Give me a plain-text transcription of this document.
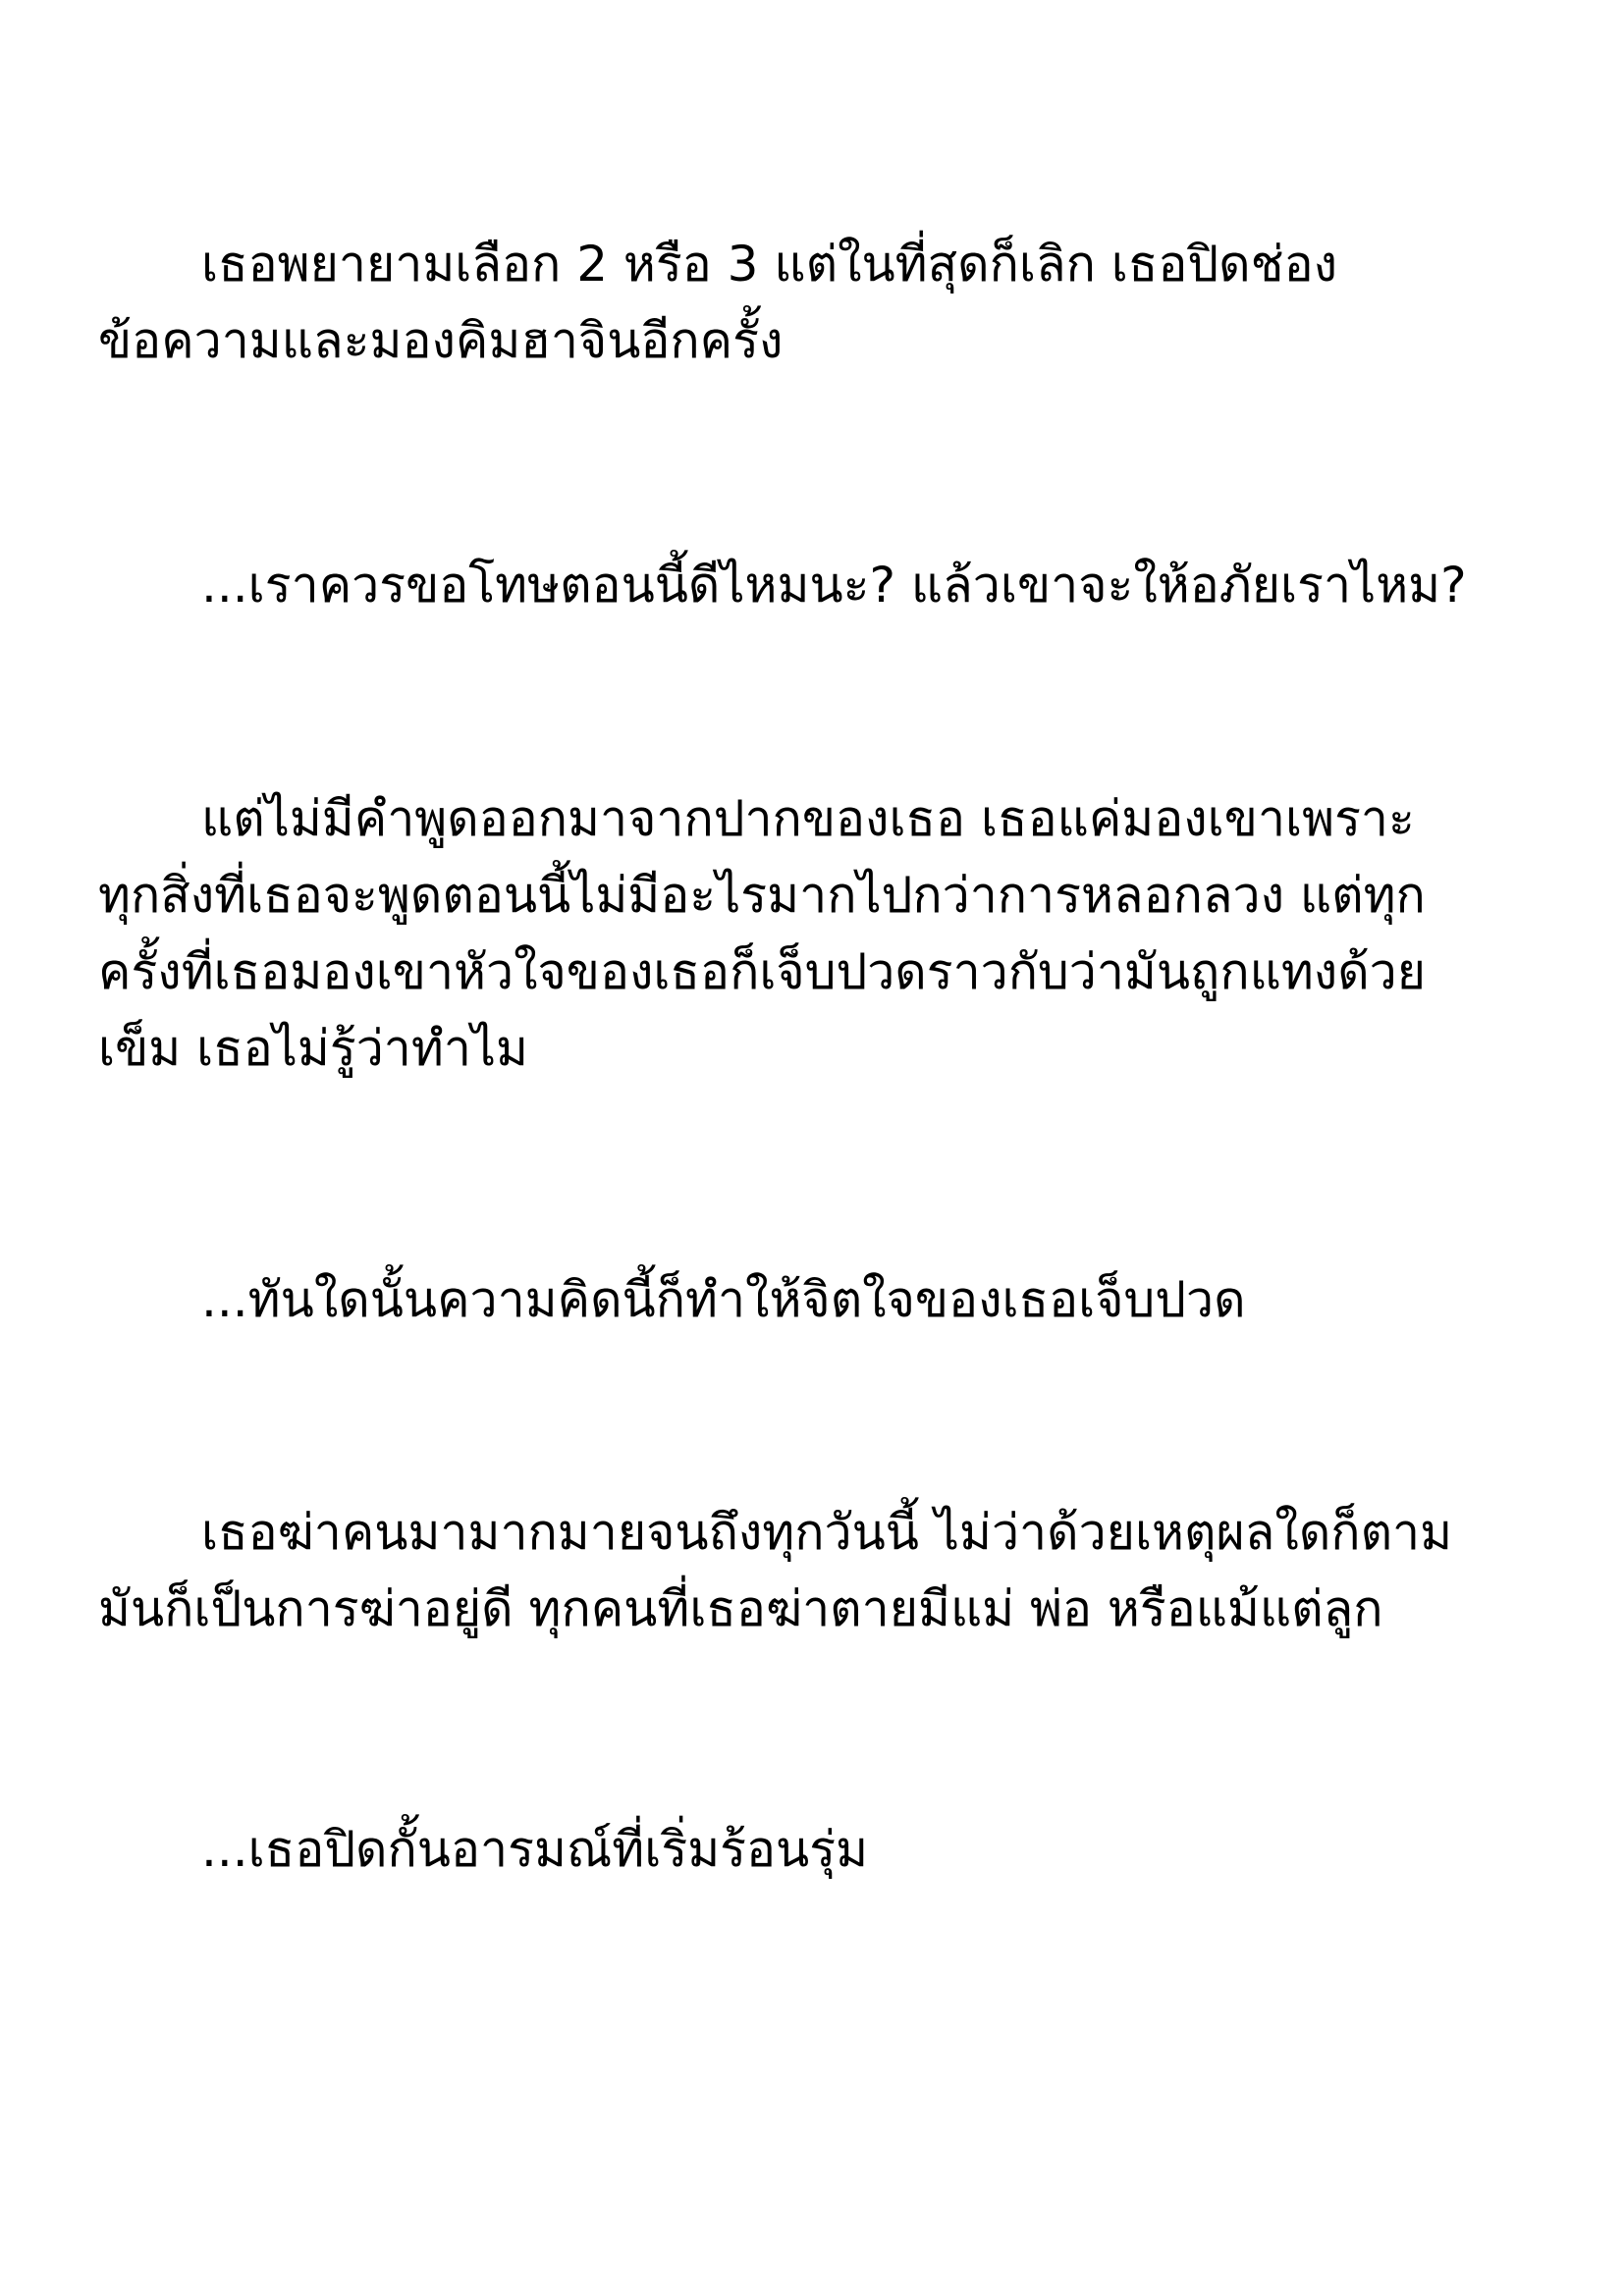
เธอพยายามเลือก 2 หรือ 3 แต่ในที่สุดก็เลิก เธอปิดช่อง
ข้อความและมองคิมฮาจินอีกครั้ง
...เราควรขอโทษตอนนี้ดีไหมนะ? แล้วเขาจะให้อภัยเราไหม?
แต่ไม่มีคำพูดออกมาจากปากของเธอ เธอแค่มองเขาเพราะ
ทุกสิ่งที่เธอจะพูดตอนนี้ไม่มีอะไรมากไปกว่าการหลอกลวง แต่ทุก
ครั้งที่เธอมองเขาหัวใจของเธอก็เจ็บปวดราวกับว่ามันถูกแทงด้วย
เข็ม เธอไม่รู้ว่าทำไม
...ทันใดนั้นความคิดนี้ก็ทำให้จิตใจของเธอเจ็บปวด
เธอฆ่าคนมามากมายจนถึงทุกวันนี้ ไม่ว่าด้วยเหตุผลใดก็ตาม
มันก็เป็นการฆ่าอยู่ดี ทุกคนที่เธอฆ่าตายมีแม่ พ่อ หรือแม้แต่ลูก
...เธอปิดกั้นอารมณ์ที่เริ่มร้อนรุ่ม
